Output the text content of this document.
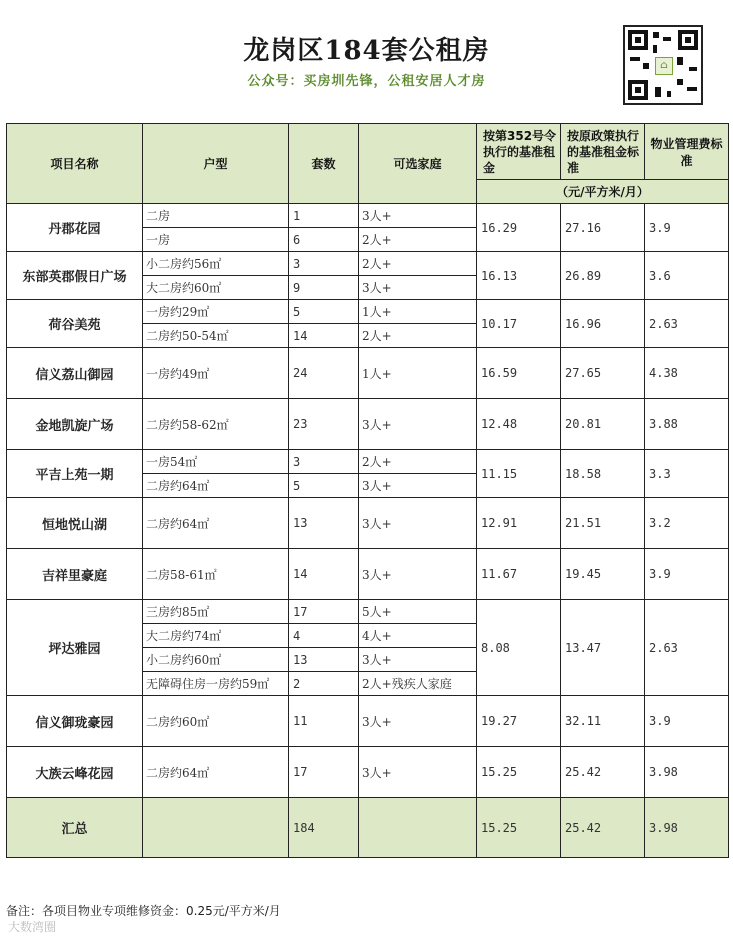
龙岗区184套公租房
公众号：买房圳先锋，公租安居人才房
⌂
项目名称	户型	套数	可选家庭	按第352号令执行的基准租金	按原政策执行的基准租金标准	物业管理费标准
				（元/平方米/月）		
丹郡花园	二房	1	3人+	16.29	27.16	3.9
	一房	6	2人+			
东部英郡假日广场	小二房约56㎡	3	2人+	16.13	26.89	3.6
	大二房约60㎡	9	3人+			
荷谷美苑	一房约29㎡	5	1人+	10.17	16.96	2.63
	二房约50-54㎡	14	2人+			
信义荔山御园	一房约49㎡	24	1人+	16.59	27.65	4.38
金地凯旋广场	二房约58-62㎡	23	3人+	12.48	20.81	3.88
平吉上苑一期	一房54㎡	3	2人+	11.15	18.58	3.3
	二房约64㎡	5	3人+			
恒地悦山湖	二房约64㎡	13	3人+	12.91	21.51	3.2
吉祥里豪庭	二房58-61㎡	14	3人+	11.67	19.45	3.9
坪达雅园	三房约85㎡	17	5人+	8.08	13.47	2.63
	大二房约74㎡	4	4人+			
	小二房约60㎡	13	3人+			
	无障碍住房一房约59㎡	2	2人+残疾人家庭			
信义御珑豪园	二房约60㎡	11	3人+	19.27	32.11	3.9
大族云峰花园	二房约64㎡	17	3人+	15.25	25.42	3.98
汇总		184		15.25	25.42	3.98
备注：各项目物业专项维修资金：0.25元/平方米/月
大数湾圈
